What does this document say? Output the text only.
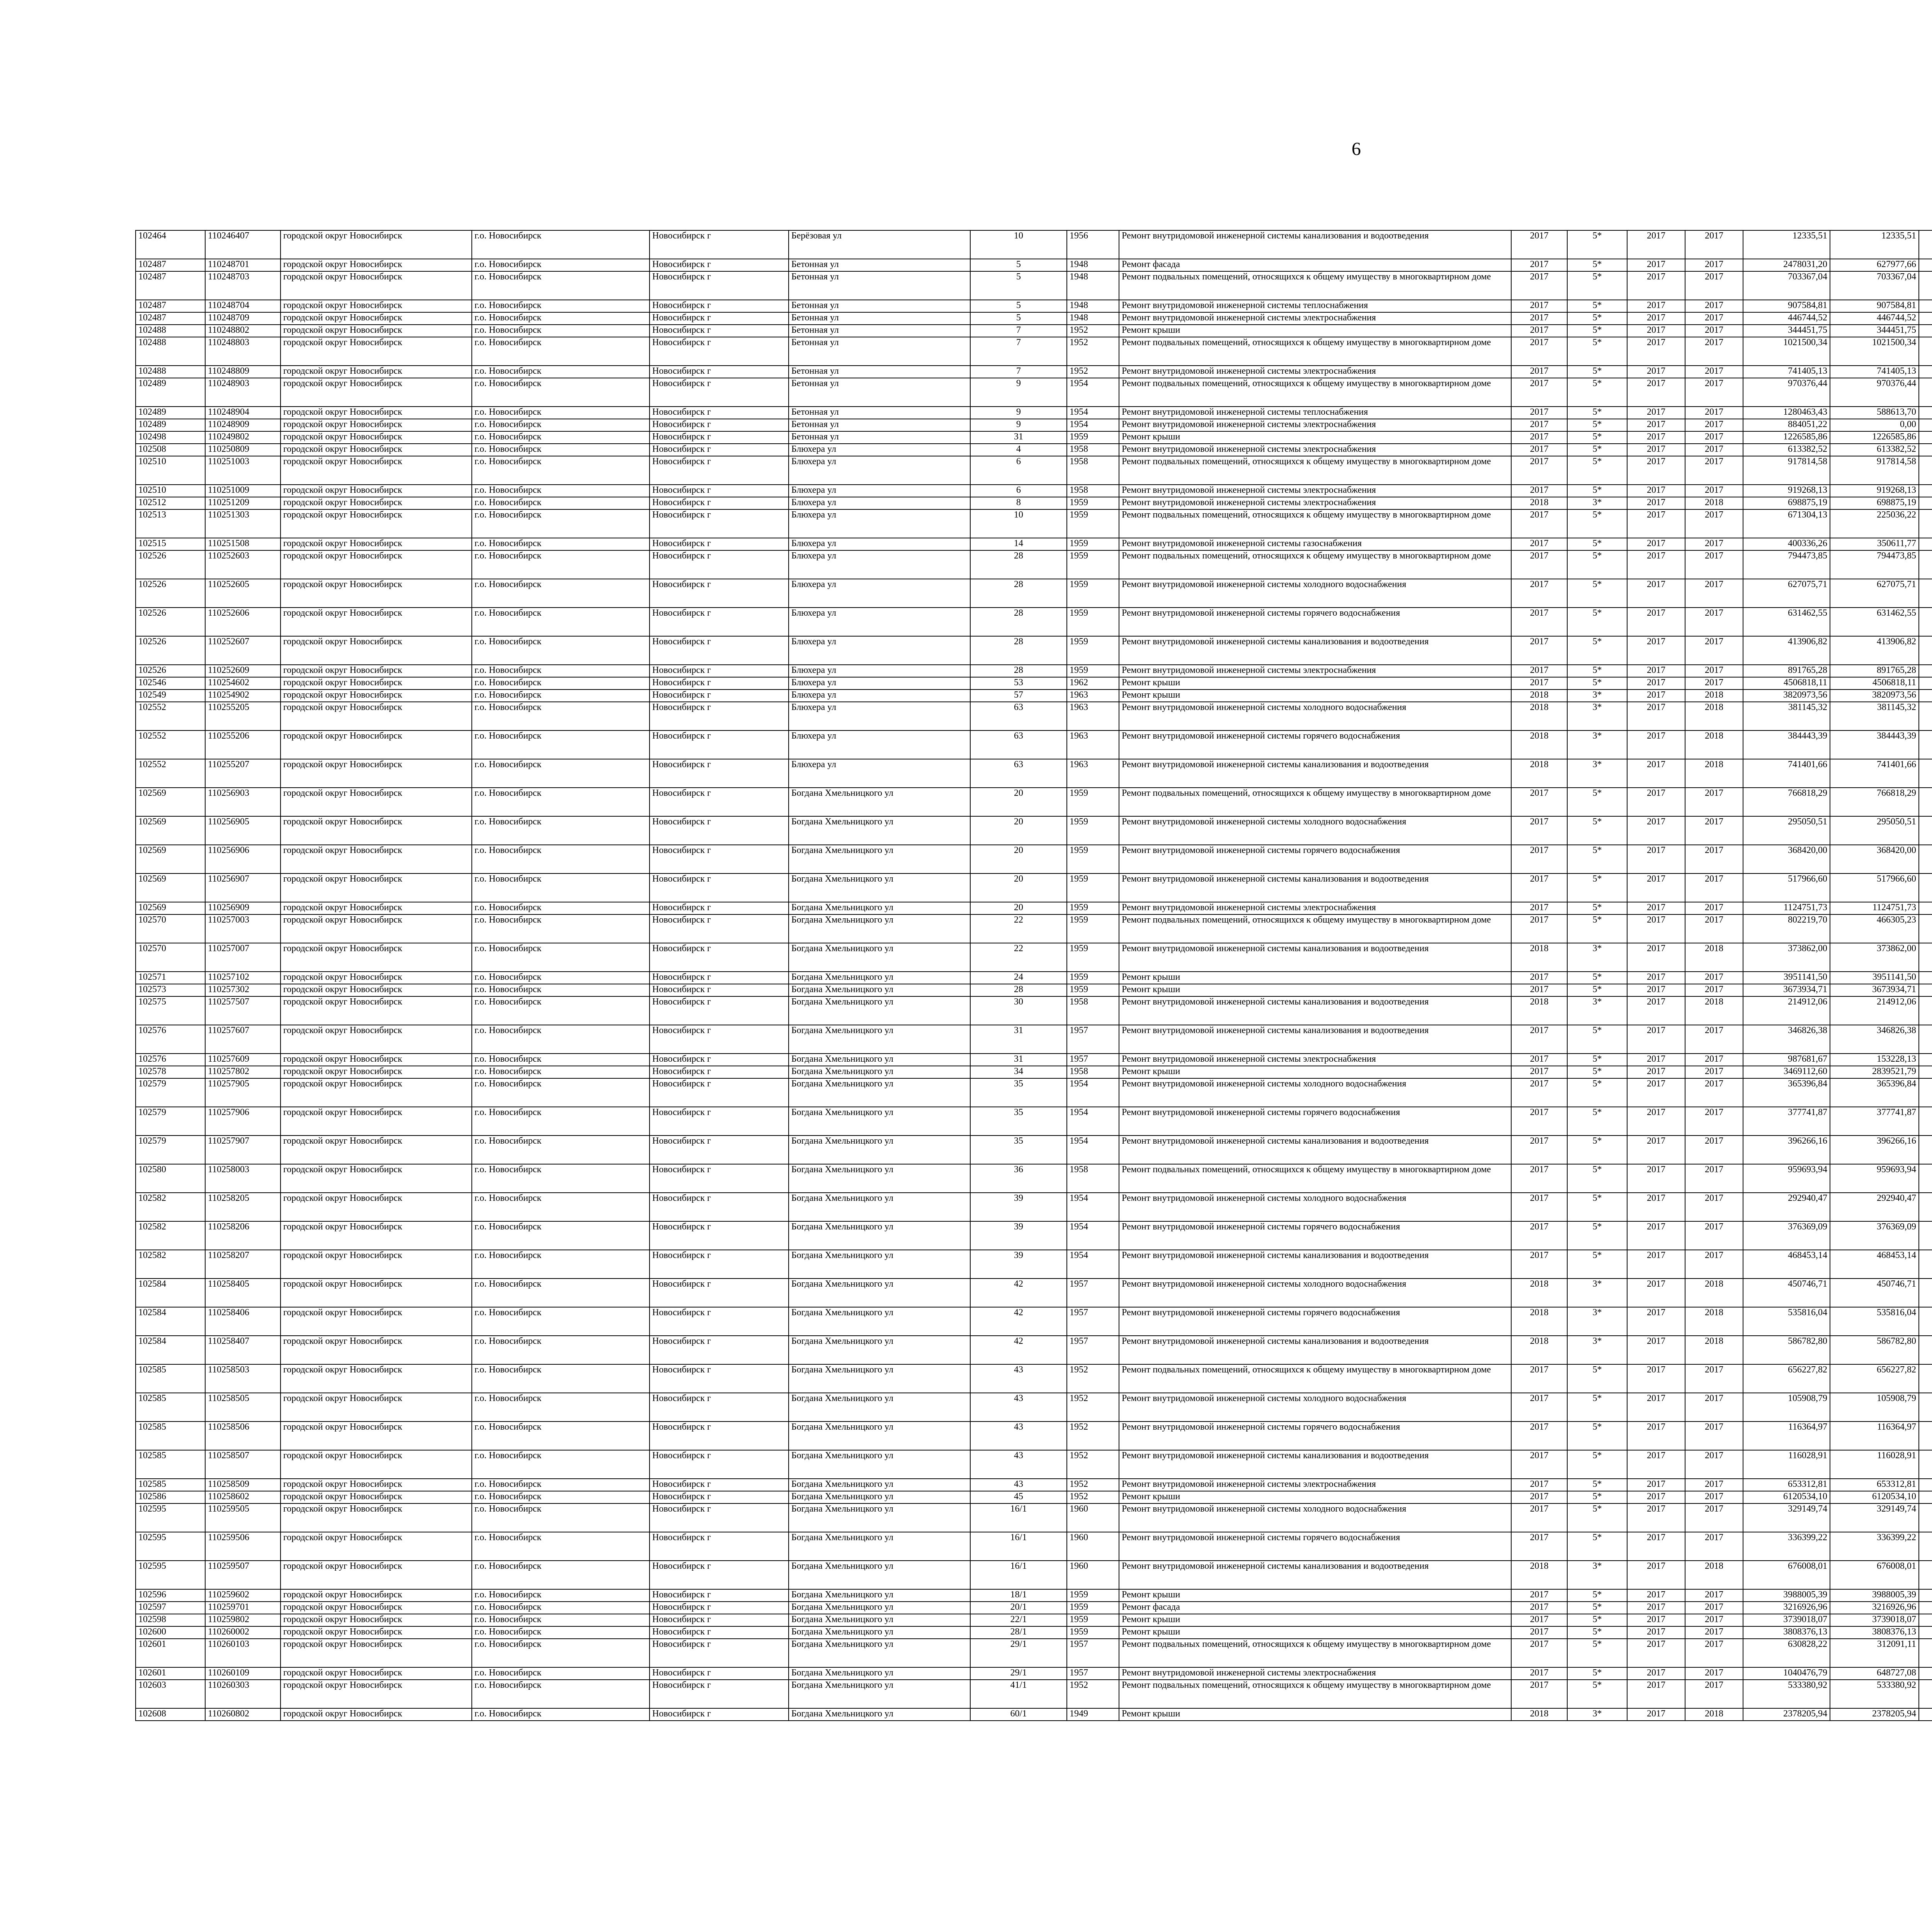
6
102464	110246407	городской округ Новосибирск	г.о. Новосибирск	Новосибирск г	Берёзовая ул	10	1956	Ремонт внутридомовой инженерной системы канализования и водоотведения	2017	5*	2017	2017	12335,51	12335,51								
102487	110248701	городской округ Новосибирск	г.о. Новосибирск	Новосибирск г	Бетонная ул	5	1948	Ремонт фасада	2017	5*	2017	2017	2478031,20	627977,66								
102487	110248703	городской округ Новосибирск	г.о. Новосибирск	Новосибирск г	Бетонная ул	5	1948	Ремонт подвальных помещений, относящихся к общему имуществу в многоквартирном доме	2017	5*	2017	2017	703367,04	703367,04								
102487	110248704	городской округ Новосибирск	г.о. Новосибирск	Новосибирск г	Бетонная ул	5	1948	Ремонт внутридомовой инженерной системы теплоснабжения	2017	5*	2017	2017	907584,81	907584,81								
102487	110248709	городской округ Новосибирск	г.о. Новосибирск	Новосибирск г	Бетонная ул	5	1948	Ремонт внутридомовой инженерной системы электроснабжения	2017	5*	2017	2017	446744,52	446744,52								
102488	110248802	городской округ Новосибирск	г.о. Новосибирск	Новосибирск г	Бетонная ул	7	1952	Ремонт крыши	2017	5*	2017	2017	344451,75	344451,75								
102488	110248803	городской округ Новосибирск	г.о. Новосибирск	Новосибирск г	Бетонная ул	7	1952	Ремонт подвальных помещений, относящихся к общему имуществу в многоквартирном доме	2017	5*	2017	2017	1021500,34	1021500,34								
102488	110248809	городской округ Новосибирск	г.о. Новосибирск	Новосибирск г	Бетонная ул	7	1952	Ремонт внутридомовой инженерной системы электроснабжения	2017	5*	2017	2017	741405,13	741405,13								
102489	110248903	городской округ Новосибирск	г.о. Новосибирск	Новосибирск г	Бетонная ул	9	1954	Ремонт подвальных помещений, относящихся к общему имуществу в многоквартирном доме	2017	5*	2017	2017	970376,44	970376,44								
102489	110248904	городской округ Новосибирск	г.о. Новосибирск	Новосибирск г	Бетонная ул	9	1954	Ремонт внутридомовой инженерной системы теплоснабжения	2017	5*	2017	2017	1280463,43	588613,70								
102489	110248909	городской округ Новосибирск	г.о. Новосибирск	Новосибирск г	Бетонная ул	9	1954	Ремонт внутридомовой инженерной системы электроснабжения	2017	5*	2017	2017	884051,22	0,00								
102498	110249802	городской округ Новосибирск	г.о. Новосибирск	Новосибирск г	Бетонная ул	31	1959	Ремонт крыши	2017	5*	2017	2017	1226585,86	1226585,86								
102508	110250809	городской округ Новосибирск	г.о. Новосибирск	Новосибирск г	Блюхера ул	4	1958	Ремонт внутридомовой инженерной системы электроснабжения	2017	5*	2017	2017	613382,52	613382,52								
102510	110251003	городской округ Новосибирск	г.о. Новосибирск	Новосибирск г	Блюхера ул	6	1958	Ремонт подвальных помещений, относящихся к общему имуществу в многоквартирном доме	2017	5*	2017	2017	917814,58	917814,58								
102510	110251009	городской округ Новосибирск	г.о. Новосибирск	Новосибирск г	Блюхера ул	6	1958	Ремонт внутридомовой инженерной системы электроснабжения	2017	5*	2017	2017	919268,13	919268,13								
102512	110251209	городской округ Новосибирск	г.о. Новосибирск	Новосибирск г	Блюхера ул	8	1959	Ремонт внутридомовой инженерной системы электроснабжения	2018	3*	2017	2018	698875,19	698875,19								
102513	110251303	городской округ Новосибирск	г.о. Новосибирск	Новосибирск г	Блюхера ул	10	1959	Ремонт подвальных помещений, относящихся к общему имуществу в многоквартирном доме	2017	5*	2017	2017	671304,13	225036,22								
102515	110251508	городской округ Новосибирск	г.о. Новосибирск	Новосибирск г	Блюхера ул	14	1959	Ремонт внутридомовой инженерной системы газоснабжения	2017	5*	2017	2017	400336,26	350611,77								
102526	110252603	городской округ Новосибирск	г.о. Новосибирск	Новосибирск г	Блюхера ул	28	1959	Ремонт подвальных помещений, относящихся к общему имуществу в многоквартирном доме	2017	5*	2017	2017	794473,85	794473,85								
102526	110252605	городской округ Новосибирск	г.о. Новосибирск	Новосибирск г	Блюхера ул	28	1959	Ремонт внутридомовой инженерной системы холодного водоснабжения	2017	5*	2017	2017	627075,71	627075,71								
102526	110252606	городской округ Новосибирск	г.о. Новосибирск	Новосибирск г	Блюхера ул	28	1959	Ремонт внутридомовой инженерной системы горячего водоснабжения	2017	5*	2017	2017	631462,55	631462,55								
102526	110252607	городской округ Новосибирск	г.о. Новосибирск	Новосибирск г	Блюхера ул	28	1959	Ремонт внутридомовой инженерной системы канализования и водоотведения	2017	5*	2017	2017	413906,82	413906,82								
102526	110252609	городской округ Новосибирск	г.о. Новосибирск	Новосибирск г	Блюхера ул	28	1959	Ремонт внутридомовой инженерной системы электроснабжения	2017	5*	2017	2017	891765,28	891765,28								
102546	110254602	городской округ Новосибирск	г.о. Новосибирск	Новосибирск г	Блюхера ул	53	1962	Ремонт крыши	2017	5*	2017	2017	4506818,11	4506818,11								
102549	110254902	городской округ Новосибирск	г.о. Новосибирск	Новосибирск г	Блюхера ул	57	1963	Ремонт крыши	2018	3*	2017	2018	3820973,56	3820973,56								
102552	110255205	городской округ Новосибирск	г.о. Новосибирск	Новосибирск г	Блюхера ул	63	1963	Ремонт внутридомовой инженерной системы холодного водоснабжения	2018	3*	2017	2018	381145,32	381145,32								
102552	110255206	городской округ Новосибирск	г.о. Новосибирск	Новосибирск г	Блюхера ул	63	1963	Ремонт внутридомовой инженерной системы горячего водоснабжения	2018	3*	2017	2018	384443,39	384443,39								
102552	110255207	городской округ Новосибирск	г.о. Новосибирск	Новосибирск г	Блюхера ул	63	1963	Ремонт внутридомовой инженерной системы канализования и водоотведения	2018	3*	2017	2018	741401,66	741401,66								
102569	110256903	городской округ Новосибирск	г.о. Новосибирск	Новосибирск г	Богдана Хмельницкого ул	20	1959	Ремонт подвальных помещений, относящихся к общему имуществу в многоквартирном доме	2017	5*	2017	2017	766818,29	766818,29								
102569	110256905	городской округ Новосибирск	г.о. Новосибирск	Новосибирск г	Богдана Хмельницкого ул	20	1959	Ремонт внутридомовой инженерной системы холодного водоснабжения	2017	5*	2017	2017	295050,51	295050,51								
102569	110256906	городской округ Новосибирск	г.о. Новосибирск	Новосибирск г	Богдана Хмельницкого ул	20	1959	Ремонт внутридомовой инженерной системы горячего водоснабжения	2017	5*	2017	2017	368420,00	368420,00								
102569	110256907	городской округ Новосибирск	г.о. Новосибирск	Новосибирск г	Богдана Хмельницкого ул	20	1959	Ремонт внутридомовой инженерной системы канализования и водоотведения	2017	5*	2017	2017	517966,60	517966,60								
102569	110256909	городской округ Новосибирск	г.о. Новосибирск	Новосибирск г	Богдана Хмельницкого ул	20	1959	Ремонт внутридомовой инженерной системы электроснабжения	2017	5*	2017	2017	1124751,73	1124751,73								
102570	110257003	городской округ Новосибирск	г.о. Новосибирск	Новосибирск г	Богдана Хмельницкого ул	22	1959	Ремонт подвальных помещений, относящихся к общему имуществу в многоквартирном доме	2017	5*	2017	2017	802219,70	466305,23								
102570	110257007	городской округ Новосибирск	г.о. Новосибирск	Новосибирск г	Богдана Хмельницкого ул	22	1959	Ремонт внутридомовой инженерной системы канализования и водоотведения	2018	3*	2017	2018	373862,00	373862,00								
102571	110257102	городской округ Новосибирск	г.о. Новосибирск	Новосибирск г	Богдана Хмельницкого ул	24	1959	Ремонт крыши	2017	5*	2017	2017	3951141,50	3951141,50								
102573	110257302	городской округ Новосибирск	г.о. Новосибирск	Новосибирск г	Богдана Хмельницкого ул	28	1959	Ремонт крыши	2017	5*	2017	2017	3673934,71	3673934,71								
102575	110257507	городской округ Новосибирск	г.о. Новосибирск	Новосибирск г	Богдана Хмельницкого ул	30	1958	Ремонт внутридомовой инженерной системы канализования и водоотведения	2018	3*	2017	2018	214912,06	214912,06								
102576	110257607	городской округ Новосибирск	г.о. Новосибирск	Новосибирск г	Богдана Хмельницкого ул	31	1957	Ремонт внутридомовой инженерной системы канализования и водоотведения	2017	5*	2017	2017	346826,38	346826,38								
102576	110257609	городской округ Новосибирск	г.о. Новосибирск	Новосибирск г	Богдана Хмельницкого ул	31	1957	Ремонт внутридомовой инженерной системы электроснабжения	2017	5*	2017	2017	987681,67	153228,13								
102578	110257802	городской округ Новосибирск	г.о. Новосибирск	Новосибирск г	Богдана Хмельницкого ул	34	1958	Ремонт крыши	2017	5*	2017	2017	3469112,60	2839521,79								
102579	110257905	городской округ Новосибирск	г.о. Новосибирск	Новосибирск г	Богдана Хмельницкого ул	35	1954	Ремонт внутридомовой инженерной системы холодного водоснабжения	2017	5*	2017	2017	365396,84	365396,84								
102579	110257906	городской округ Новосибирск	г.о. Новосибирск	Новосибирск г	Богдана Хмельницкого ул	35	1954	Ремонт внутридомовой инженерной системы горячего водоснабжения	2017	5*	2017	2017	377741,87	377741,87								
102579	110257907	городской округ Новосибирск	г.о. Новосибирск	Новосибирск г	Богдана Хмельницкого ул	35	1954	Ремонт внутридомовой инженерной системы канализования и водоотведения	2017	5*	2017	2017	396266,16	396266,16								
102580	110258003	городской округ Новосибирск	г.о. Новосибирск	Новосибирск г	Богдана Хмельницкого ул	36	1958	Ремонт подвальных помещений, относящихся к общему имуществу в многоквартирном доме	2017	5*	2017	2017	959693,94	959693,94								
102582	110258205	городской округ Новосибирск	г.о. Новосибирск	Новосибирск г	Богдана Хмельницкого ул	39	1954	Ремонт внутридомовой инженерной системы холодного водоснабжения	2017	5*	2017	2017	292940,47	292940,47								
102582	110258206	городской округ Новосибирск	г.о. Новосибирск	Новосибирск г	Богдана Хмельницкого ул	39	1954	Ремонт внутридомовой инженерной системы горячего водоснабжения	2017	5*	2017	2017	376369,09	376369,09								
102582	110258207	городской округ Новосибирск	г.о. Новосибирск	Новосибирск г	Богдана Хмельницкого ул	39	1954	Ремонт внутридомовой инженерной системы канализования и водоотведения	2017	5*	2017	2017	468453,14	468453,14								
102584	110258405	городской округ Новосибирск	г.о. Новосибирск	Новосибирск г	Богдана Хмельницкого ул	42	1957	Ремонт внутридомовой инженерной системы холодного водоснабжения	2018	3*	2017	2018	450746,71	450746,71								
102584	110258406	городской округ Новосибирск	г.о. Новосибирск	Новосибирск г	Богдана Хмельницкого ул	42	1957	Ремонт внутридомовой инженерной системы горячего водоснабжения	2018	3*	2017	2018	535816,04	535816,04								
102584	110258407	городской округ Новосибирск	г.о. Новосибирск	Новосибирск г	Богдана Хмельницкого ул	42	1957	Ремонт внутридомовой инженерной системы канализования и водоотведения	2018	3*	2017	2018	586782,80	586782,80								
102585	110258503	городской округ Новосибирск	г.о. Новосибирск	Новосибирск г	Богдана Хмельницкого ул	43	1952	Ремонт подвальных помещений, относящихся к общему имуществу в многоквартирном доме	2017	5*	2017	2017	656227,82	656227,82								
102585	110258505	городской округ Новосибирск	г.о. Новосибирск	Новосибирск г	Богдана Хмельницкого ул	43	1952	Ремонт внутридомовой инженерной системы холодного водоснабжения	2017	5*	2017	2017	105908,79	105908,79								
102585	110258506	городской округ Новосибирск	г.о. Новосибирск	Новосибирск г	Богдана Хмельницкого ул	43	1952	Ремонт внутридомовой инженерной системы горячего водоснабжения	2017	5*	2017	2017	116364,97	116364,97								
102585	110258507	городской округ Новосибирск	г.о. Новосибирск	Новосибирск г	Богдана Хмельницкого ул	43	1952	Ремонт внутридомовой инженерной системы канализования и водоотведения	2017	5*	2017	2017	116028,91	116028,91								
102585	110258509	городской округ Новосибирск	г.о. Новосибирск	Новосибирск г	Богдана Хмельницкого ул	43	1952	Ремонт внутридомовой инженерной системы электроснабжения	2017	5*	2017	2017	653312,81	653312,81								
102586	110258602	городской округ Новосибирск	г.о. Новосибирск	Новосибирск г	Богдана Хмельницкого ул	45	1952	Ремонт крыши	2017	5*	2017	2017	6120534,10	6120534,10								
102595	110259505	городской округ Новосибирск	г.о. Новосибирск	Новосибирск г	Богдана Хмельницкого ул	16/1	1960	Ремонт внутридомовой инженерной системы холодного водоснабжения	2017	5*	2017	2017	329149,74	329149,74								
102595	110259506	городской округ Новосибирск	г.о. Новосибирск	Новосибирск г	Богдана Хмельницкого ул	16/1	1960	Ремонт внутридомовой инженерной системы горячего водоснабжения	2017	5*	2017	2017	336399,22	336399,22								
102595	110259507	городской округ Новосибирск	г.о. Новосибирск	Новосибирск г	Богдана Хмельницкого ул	16/1	1960	Ремонт внутридомовой инженерной системы канализования и водоотведения	2018	3*	2017	2018	676008,01	676008,01								
102596	110259602	городской округ Новосибирск	г.о. Новосибирск	Новосибирск г	Богдана Хмельницкого ул	18/1	1959	Ремонт крыши	2017	5*	2017	2017	3988005,39	3988005,39								
102597	110259701	городской округ Новосибирск	г.о. Новосибирск	Новосибирск г	Богдана Хмельницкого ул	20/1	1959	Ремонт фасада	2017	5*	2017	2017	3216926,96	3216926,96								
102598	110259802	городской округ Новосибирск	г.о. Новосибирск	Новосибирск г	Богдана Хмельницкого ул	22/1	1959	Ремонт крыши	2017	5*	2017	2017	3739018,07	3739018,07								
102600	110260002	городской округ Новосибирск	г.о. Новосибирск	Новосибирск г	Богдана Хмельницкого ул	28/1	1959	Ремонт крыши	2017	5*	2017	2017	3808376,13	3808376,13								
102601	110260103	городской округ Новосибирск	г.о. Новосибирск	Новосибирск г	Богдана Хмельницкого ул	29/1	1957	Ремонт подвальных помещений, относящихся к общему имуществу в многоквартирном доме	2017	5*	2017	2017	630828,22	312091,11								
102601	110260109	городской округ Новосибирск	г.о. Новосибирск	Новосибирск г	Богдана Хмельницкого ул	29/1	1957	Ремонт внутридомовой инженерной системы электроснабжения	2017	5*	2017	2017	1040476,79	648727,08								
102603	110260303	городской округ Новосибирск	г.о. Новосибирск	Новосибирск г	Богдана Хмельницкого ул	41/1	1952	Ремонт подвальных помещений, относящихся к общему имуществу в многоквартирном доме	2017	5*	2017	2017	533380,92	533380,92								
102608	110260802	городской округ Новосибирск	г.о. Новосибирск	Новосибирск г	Богдана Хмельницкого ул	60/1	1949	Ремонт крыши	2018	3*	2017	2018	2378205,94	2378205,94								
